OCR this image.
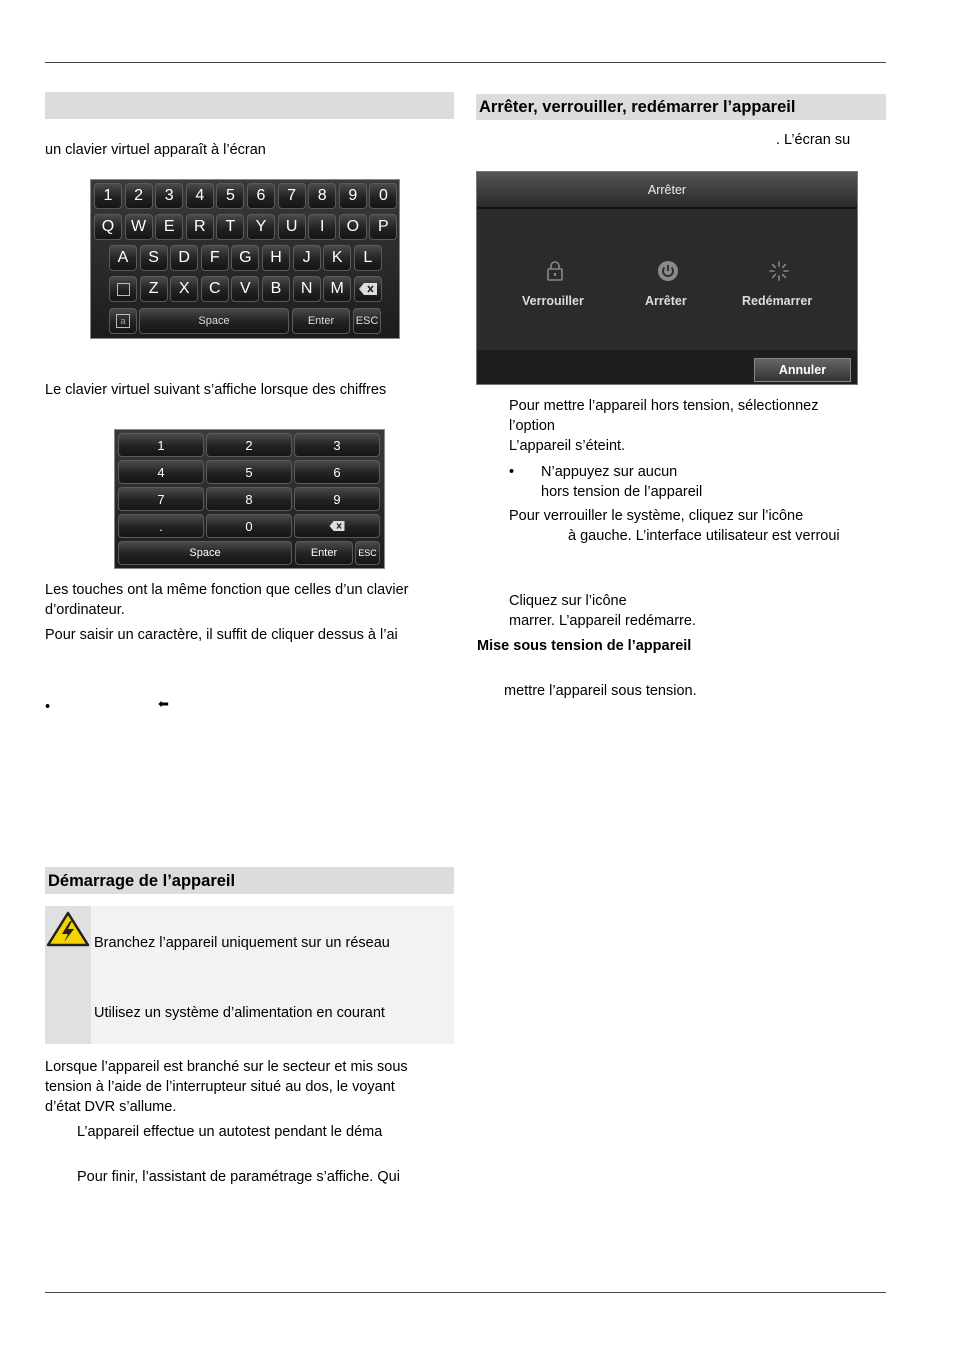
un clavier virtuel apparaît à l’écran
1	2	3	4	5	6	7	8	9	0
Q	W	E	R	T	Y	U	I	O	P
A	S	D	F	G	H	J	K	L
Z	X	C	V	B	N	M
a	Space	Enter	ESC
Le clavier virtuel suivant s’affiche lorsque des chiffres
1	2	3
4	5	6
7	8	9
.	0
Space	Enter	ESC
Les touches ont la même fonction que celles d’un clavier
d’ordinateur.
Pour saisir un caractère, il suffit de cliquer dessus à l’ai
•	⬅
Démarrage de l’appareil
Branchez l’appareil uniquement sur un réseau
Utilisez un système d’alimentation en courant
Lorsque l’appareil est branché sur le secteur et mis sous
tension à l’aide de l’interrupteur situé au dos, le voyant
d’état DVR s’allume.
L’appareil effectue un autotest pendant le déma
Pour finir, l’assistant de paramétrage s’affiche. Qui
Arrêter, verrouiller, redémarrer l’appareil
. L’écran su
Arrêter
Verrouiller	Arrêter	Redémarrer
Annuler
Pour mettre l’appareil hors tension, sélectionnez
l’option
L’appareil s’éteint.
• N’appuyez sur aucun
hors tension de l’appareil
Pour verrouiller le système, cliquez sur l’icône
à gauche. L’interface utilisateur est verroui
Cliquez sur l’icône
marrer. L’appareil redémarre.
Mise sous tension de l’appareil
mettre l’appareil sous tension.
